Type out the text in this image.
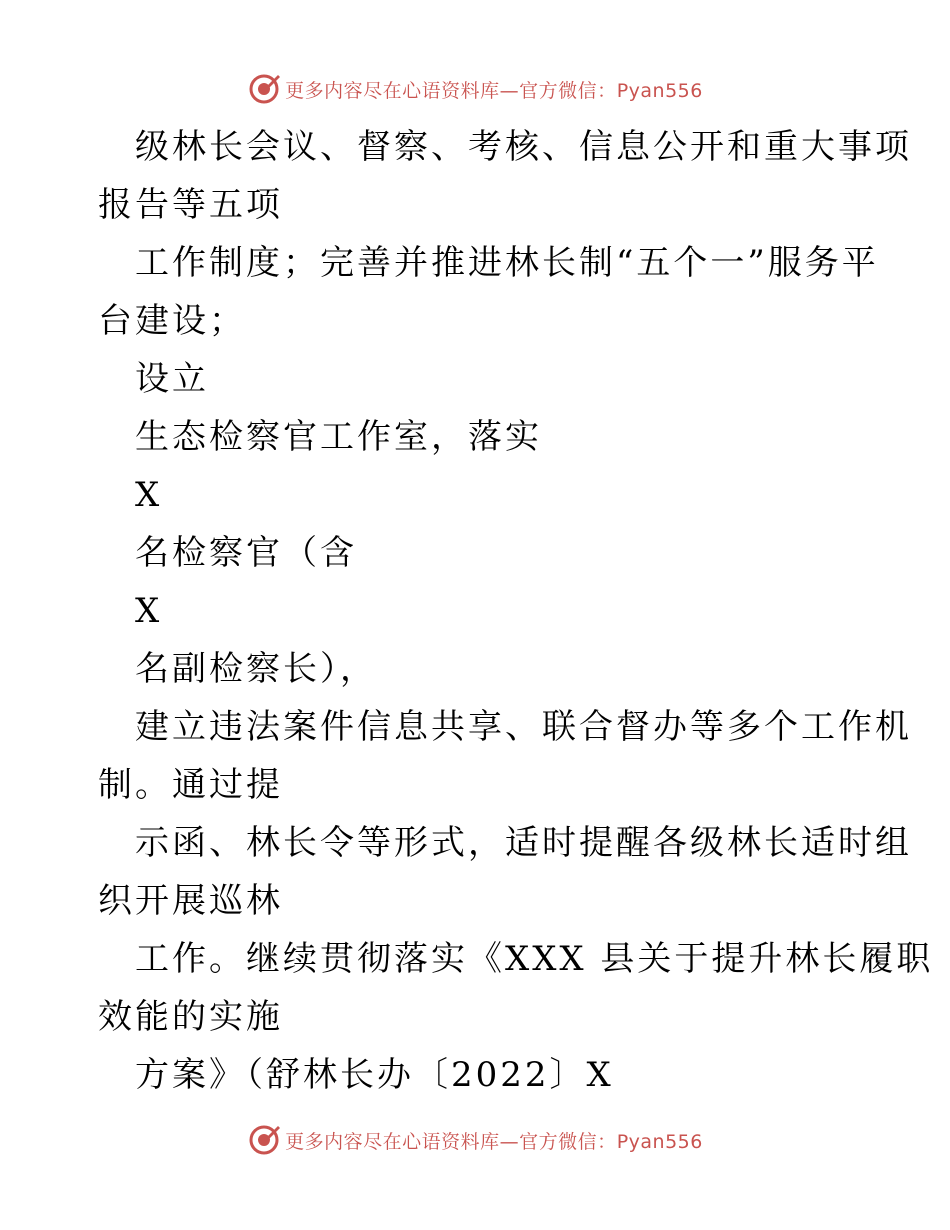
更多内容尽在心语资料库—官方微信：Pyan556
级林长会议、督察、考核、信息公开和重大事项
报告等五项
工作制度；完善并推进林长制“五个一”服务平
台建设；
设立
生态检察官工作室，落实
X
名检察官（含
X
名副检察长），
建立违法案件信息共享、联合督办等多个工作机
制。通过提
示函、林长令等形式，适时提醒各级林长适时组
织开展巡林
工作。继续贯彻落实《XXX 县关于提升林长履职
效能的实施
方案》（舒林长办〔2022〕X
更多内容尽在心语资料库—官方微信：Pyan556
